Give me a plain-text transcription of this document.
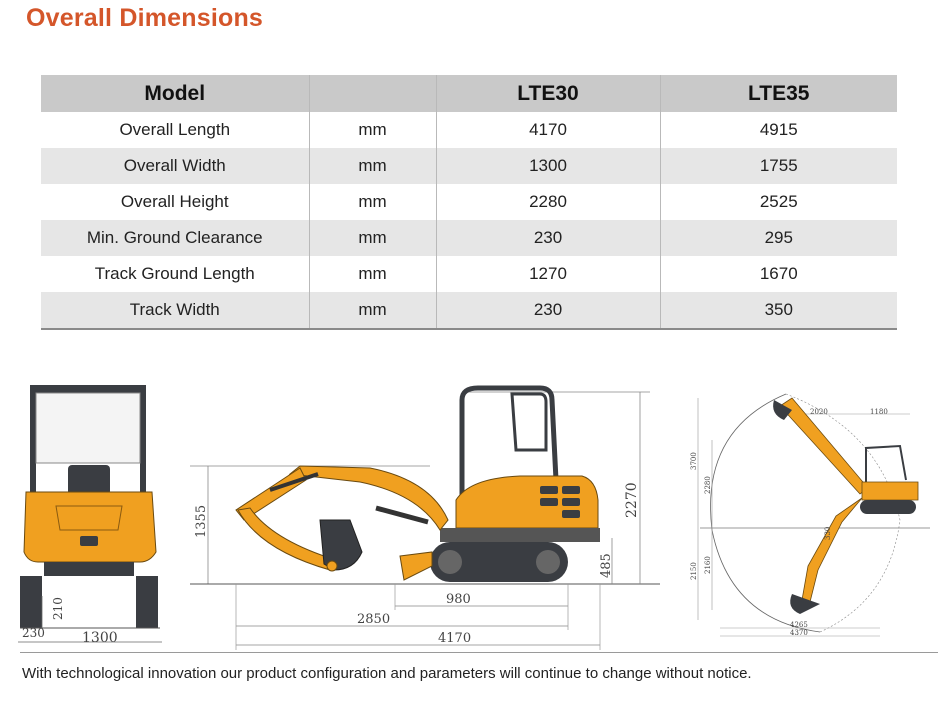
Overall Dimensions
Model		LTE30	LTE35
Overall Length	mm	4170	4915
Overall Width	mm	1300	1755
Overall Height	mm	2280	2525
Min. Ground Clearance	mm	230	295
Track Ground Length	mm	1270	1670
Track Width	mm	230	350
230
210
1300
1355
2270
485
980
2850
4170
2020	1180
3700
2280
330
2150 2160
4265
4370
With technological innovation our product configuration and parameters will continue to change without notice.
